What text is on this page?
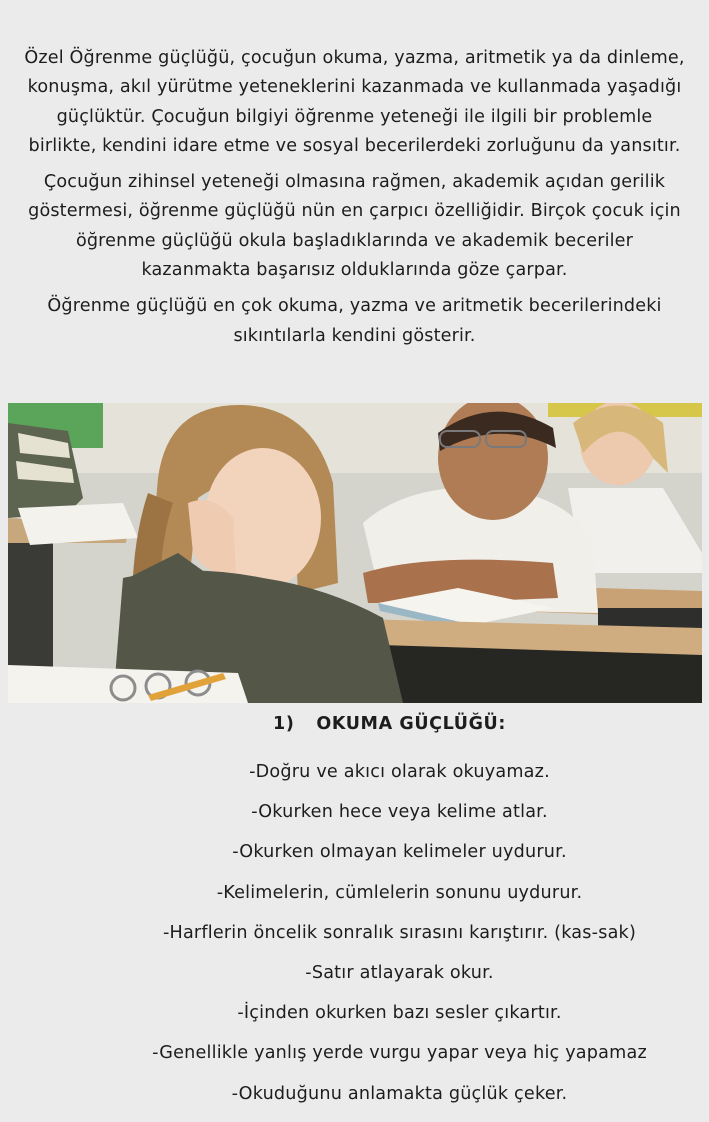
Özel Öğrenme güçlüğü, çocuğun okuma, yazma, aritmetik ya da dinleme, konuşma, akıl yürütme yeteneklerini kazanmada ve kullanmada yaşadığı güçlüktür. Çocuğun bilgiyi öğrenme yeteneği ile ilgili bir problemle birlikte, kendini idare etme ve sosyal becerilerdeki zorluğunu da yansıtır.

Çocuğun zihinsel yeteneği olmasına rağmen, akademik açıdan gerilik göstermesi, öğrenme güçlüğü nün en çarpıcı özelliğidir. Birçok çocuk için öğrenme güçlüğü okula başladıklarında ve akademik beceriler kazanmakta başarısız olduklarında göze çarpar.

Öğrenme güçlüğü en çok okuma, yazma ve aritmetik becerilerindeki sıkıntılarla kendini gösterir.

1) OKUMA GÜÇLÜĞÜ:
-Doğru ve akıcı olarak okuyamaz.
-Okurken hece veya kelime atlar.
-Okurken olmayan kelimeler uydurur.
-Kelimelerin, cümlelerin sonunu uydurur.
-Harflerin öncelik sonralık sırasını karıştırır. (kas-sak)
-Satır atlayarak okur.
-İçinden okurken bazı sesler çıkartır.
-Genellikle yanlış yerde vurgu yapar veya hiç yapamaz
-Okuduğunu anlamakta güçlük çeker.
